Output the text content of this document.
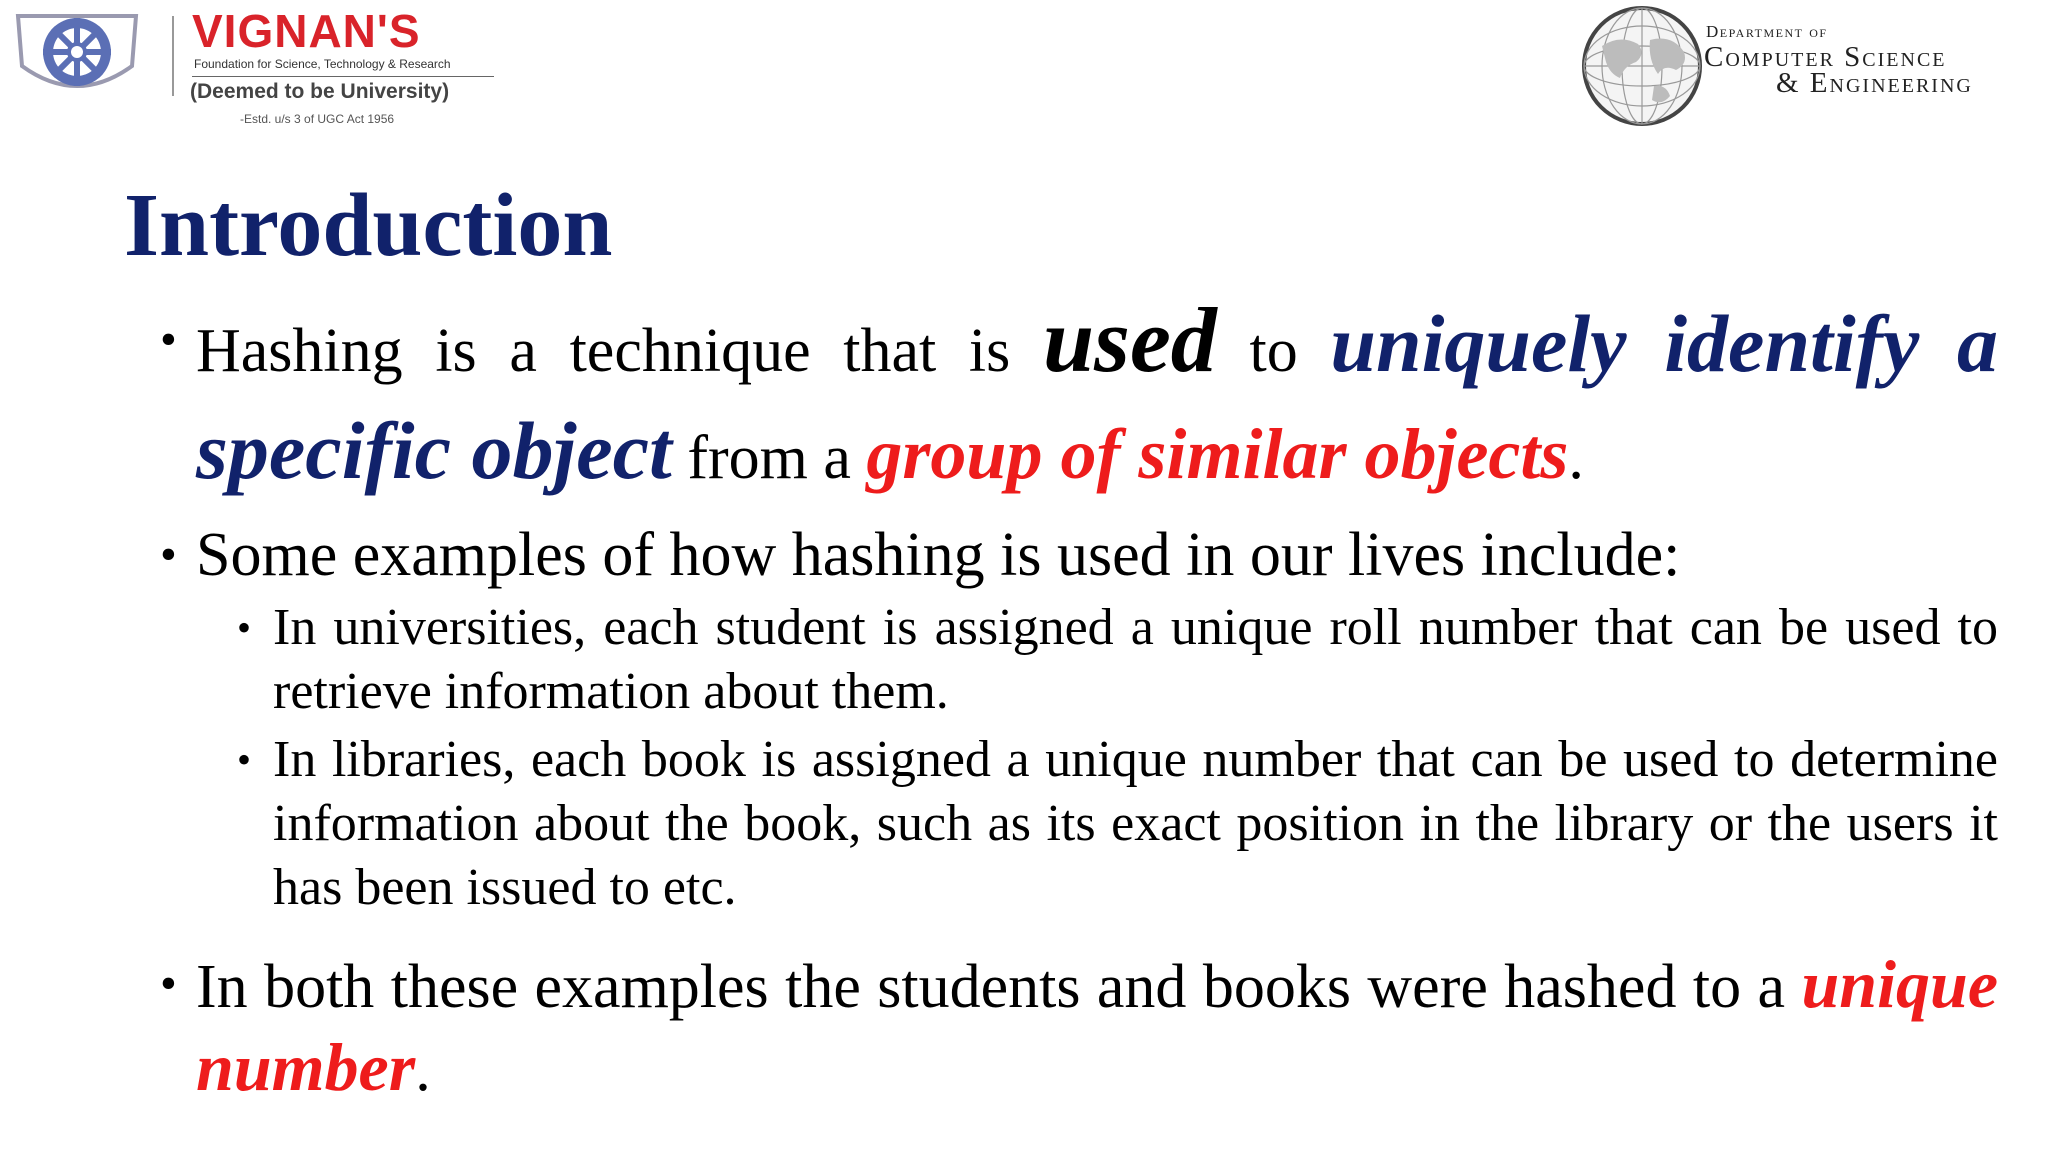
VIGNAN'S
Foundation for Science, Technology & Research
(Deemed to be University)
-Estd. u/s 3 of UGC Act 1956
Department of
Computer Science
& Engineering
Introduction
• Hashing is a technique that is used to uniquely identify a specific object from a group of similar objects.
• Some examples of how hashing is used in our lives include:
• In universities, each student is assigned a unique roll number that can be used to retrieve information about them.
• In libraries, each book is assigned a unique number that can be used to determine information about the book, such as its exact position in the library or the users it has been issued to etc.
• In both these examples the students and books were hashed to a unique number.
